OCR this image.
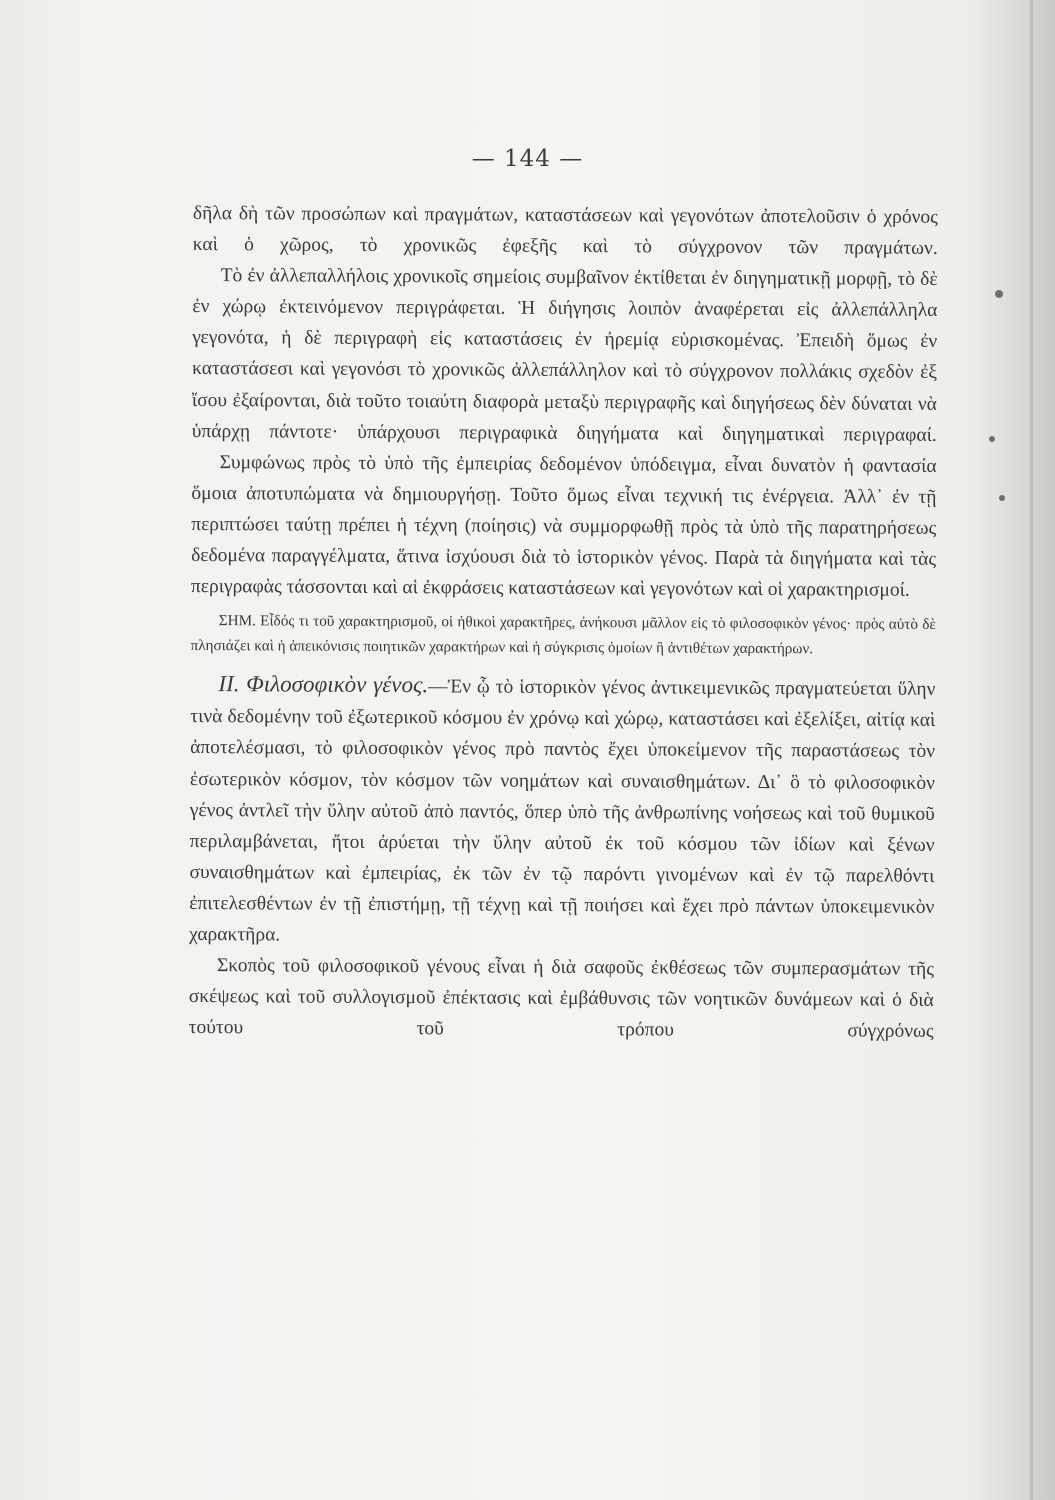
— 144 —

δῆλα δὴ τῶν προσώπων καὶ πραγμάτων, καταστάσεων καὶ γεγονότων ἀποτελοῦσιν ὁ χρόνος καὶ ὁ χῶρος, τὸ χρονικῶς ἐφεξῆς καὶ τὸ σύγχρονον τῶν πραγμάτων.

Τὸ ἐν ἀλλεπαλλήλοις χρονικοῖς σημείοις συμβαῖνον ἐκτίθεται ἐν διηγηματικῇ μορφῇ, τὸ δὲ ἐν χώρῳ ἐκτεινόμενον περιγράφεται. Ἡ διήγησις λοιπὸν ἀναφέρεται εἰς ἀλλεπάλληλα γεγονότα, ἡ δὲ περιγραφὴ εἰς καταστάσεις ἐν ἠρεμίᾳ εὑρισκομένας. Ἐπειδὴ ὅμως ἐν καταστάσεσι καὶ γεγονόσι τὸ χρονικῶς ἀλλεπάλληλον καὶ τὸ σύγχρονον πολλάκις σχεδὸν ἐξ ἴσου ἐξαίρονται, διὰ τοῦτο τοιαύτη διαφορὰ μεταξὺ περιγραφῆς καὶ διηγήσεως δὲν δύναται νὰ ὑπάρχῃ πάντοτε· ὑπάρχουσι περιγραφικὰ διηγήματα καὶ διηγηματικαὶ περιγραφαί.

Συμφώνως πρὸς τὸ ὑπὸ τῆς ἐμπειρίας δεδομένον ὑπόδειγμα, εἶναι δυνατὸν ἡ φαντασία ὅμοια ἀποτυπώματα νὰ δημιουργήσῃ. Τοῦτο ὅμως εἶναι τεχνική τις ἐνέργεια. Ἀλλ᾽ ἐν τῇ περιπτώσει ταύτῃ πρέπει ἡ τέχνη (ποίησις) νὰ συμμορφωθῇ πρὸς τὰ ὑπὸ τῆς παρατηρήσεως δεδομένα παραγγέλματα, ἅτινα ἰσχύουσι διὰ τὸ ἱστορικὸν γένος. Παρὰ τὰ διηγήματα καὶ τὰς περιγραφὰς τάσσονται καὶ αἱ ἐκφράσεις καταστάσεων καὶ γεγονότων καὶ οἱ χαρακτηρισμοί.

ΣΗΜ. Εἶδός τι τοῦ χαρακτηρισμοῦ, οἱ ἠθικοὶ χαρακτῆρες, ἀνήκουσι μᾶλλον εἰς τὸ φιλοσοφικὸν γένος· πρὸς αὐτὸ δὲ πλησιάζει καὶ ἡ ἀπεικόνισις ποιητικῶν χαρακτήρων καὶ ἡ σύγκρισις ὁμοίων ἢ ἀντιθέτων χαρακτήρων.

ΙΙ. Φιλοσοφικὸν γένος.—Ἐν ᾧ τὸ ἱστορικὸν γένος ἀντικειμενικῶς πραγματεύεται ὕλην τινὰ δεδομένην τοῦ ἐξωτερικοῦ κόσμου ἐν χρόνῳ καὶ χώρῳ, καταστάσει καὶ ἐξελίξει, αἰτίᾳ καὶ ἀποτελέσμασι, τὸ φιλοσοφικὸν γένος πρὸ παντὸς ἔχει ὑποκείμενον τῆς παραστάσεως τὸν ἐσωτερικὸν κόσμον, τὸν κόσμον τῶν νοημάτων καὶ συναισθημάτων. Δι᾽ ὃ τὸ φιλοσοφικὸν γένος ἀντλεῖ τὴν ὕλην αὐτοῦ ἀπὸ παντός, ὅπερ ὑπὸ τῆς ἀνθρωπίνης νοήσεως καὶ τοῦ θυμικοῦ περιλαμβάνεται, ἤτοι ἀρύεται τὴν ὕλην αὐτοῦ ἐκ τοῦ κόσμου τῶν ἰδίων καὶ ξένων συναισθημάτων καὶ ἐμπειρίας, ἐκ τῶν ἐν τῷ παρόντι γινομένων καὶ ἐν τῷ παρελθόντι ἐπιτελεσθέντων ἐν τῇ ἐπιστήμῃ, τῇ τέχνῃ καὶ τῇ ποιήσει καὶ ἔχει πρὸ πάντων ὑποκειμενικὸν χαρακτῆρα.

Σκοπὸς τοῦ φιλοσοφικοῦ γένους εἶναι ἡ διὰ σαφοῦς ἐκθέσεως τῶν συμπερασμάτων τῆς σκέψεως καὶ τοῦ συλλογισμοῦ ἐπέκτασις καὶ ἐμβάθυνσις τῶν νοητικῶν δυνάμεων καὶ ὁ διὰ τούτου τοῦ τρόπου σύγχρόνως
